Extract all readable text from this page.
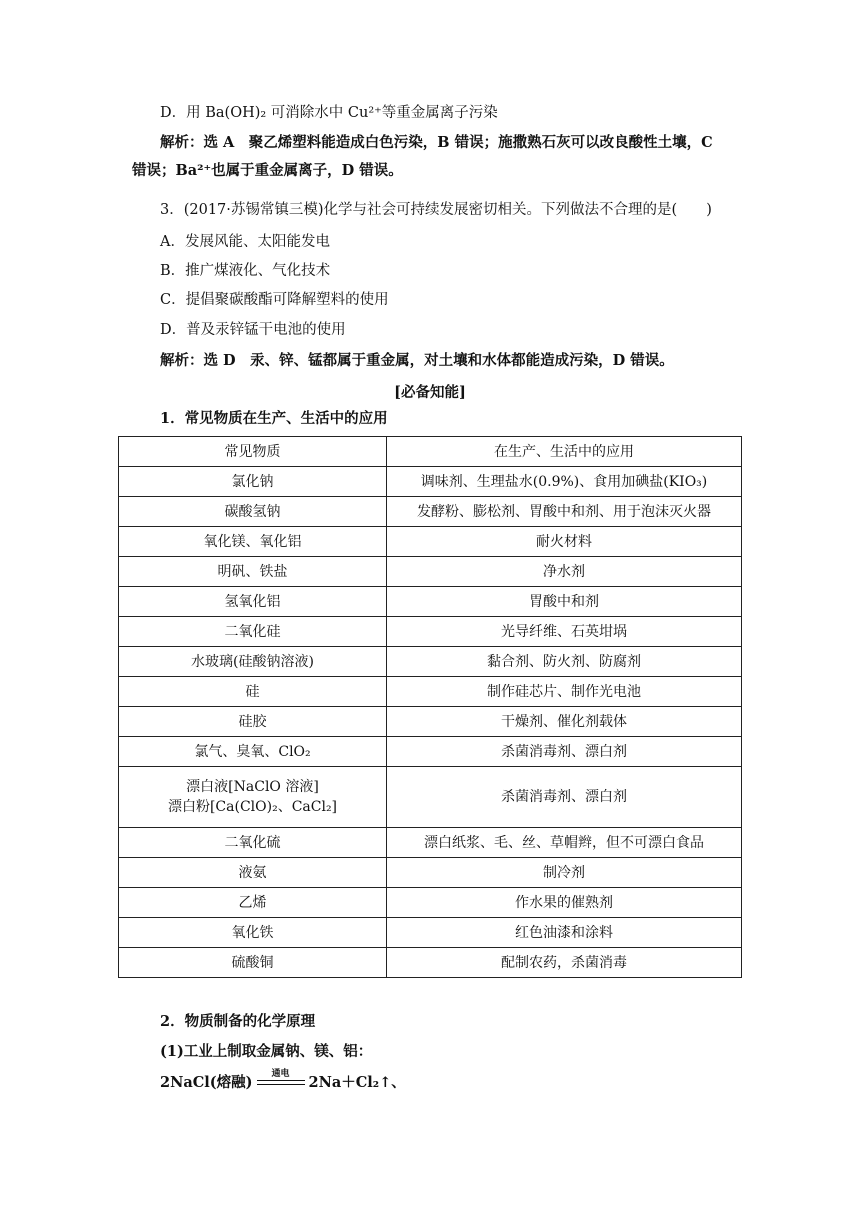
D．用 Ba(OH)₂ 可消除水中 Cu²⁺等重金属离子污染
解析：选 A　聚乙烯塑料能造成白色污染，B 错误；施撒熟石灰可以改良酸性土壤，C
错误；Ba²⁺也属于重金属离子，D 错误。
3．(2017·苏锡常镇三模)化学与社会可持续发展密切相关。下列做法不合理的是(　　)
A．发展风能、太阳能发电
B．推广煤液化、气化技术
C．提倡聚碳酸酯可降解塑料的使用
D．普及汞锌锰干电池的使用
解析：选 D　汞、锌、锰都属于重金属，对土壤和水体都能造成污染，D 错误。
[必备知能]
1．常见物质在生产、生活中的应用
常见物质	在生产、生活中的应用
氯化钠	调味剂、生理盐水(0.9%)、食用加碘盐(KIO₃)
碳酸氢钠	发酵粉、膨松剂、胃酸中和剂、用于泡沫灭火器
氧化镁、氧化铝	耐火材料
明矾、铁盐	净水剂
氢氧化铝	胃酸中和剂
二氧化硅	光导纤维、石英坩埚
水玻璃(硅酸钠溶液)	黏合剂、防火剂、防腐剂
硅	制作硅芯片、制作光电池
硅胶	干燥剂、催化剂载体
氯气、臭氧、ClO₂	杀菌消毒剂、漂白剂

漂白液[NaClO 溶液]
漂白粉[Ca(ClO)₂、CaCl₂]	杀菌消毒剂、漂白剂
二氧化硫	漂白纸浆、毛、丝、草帽辫，但不可漂白食品
液氨	制冷剂
乙烯	作水果的催熟剂
氧化铁	红色油漆和涂料
硫酸铜	配制农药，杀菌消毒
2．物质制备的化学原理
(1)工业上制取金属钠、镁、铝：
2NaCl(熔融)	通电	2Na＋Cl₂↑、
